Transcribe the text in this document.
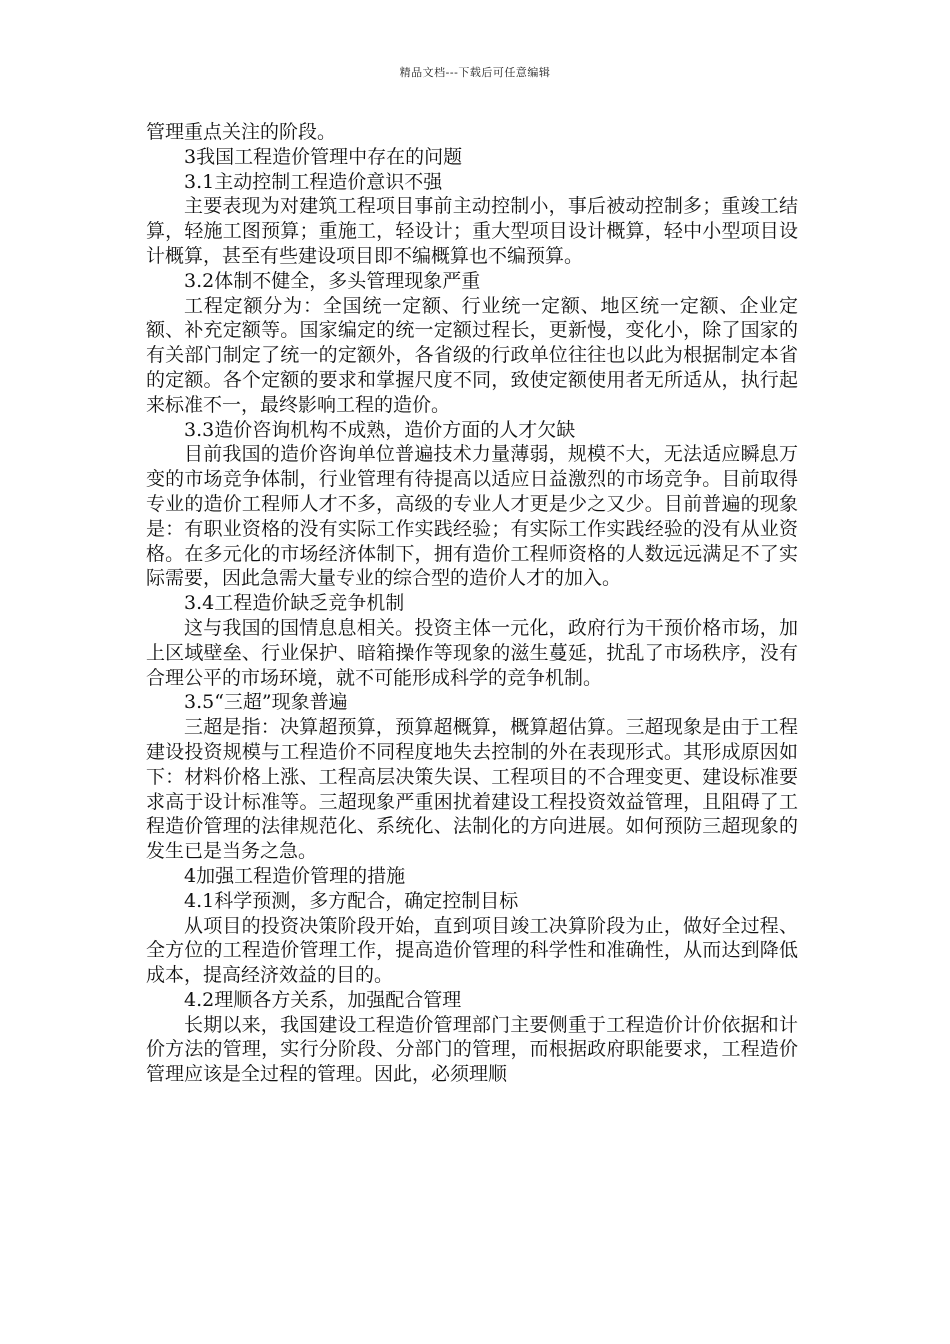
精品文档---下载后可任意编辑

管理重点关注的阶段。

3我国工程造价管理中存在的问题

3.1主动控制工程造价意识不强

主要表现为对建筑工程项目事前主动控制小，事后被动控制多；重竣工结算，轻施工图预算；重施工，轻设计；重大型项目设计概算，轻中小型项目设计概算，甚至有些建设项目即不编概算也不编预算。

3.2体制不健全，多头管理现象严重

工程定额分为：全国统一定额、行业统一定额、地区统一定额、企业定额、补充定额等。国家编定的统一定额过程长，更新慢，变化小，除了国家的有关部门制定了统一的定额外，各省级的行政单位往往也以此为根据制定本省的定额。各个定额的要求和掌握尺度不同，致使定额使用者无所适从，执行起来标准不一，最终影响工程的造价。

3.3造价咨询机构不成熟，造价方面的人才欠缺

目前我国的造价咨询单位普遍技术力量薄弱，规模不大，无法适应瞬息万变的市场竞争体制，行业管理有待提高以适应日益激烈的市场竞争。目前取得专业的造价工程师人才不多，高级的专业人才更是少之又少。目前普遍的现象是：有职业资格的没有实际工作实践经验；有实际工作实践经验的没有从业资格。在多元化的市场经济体制下，拥有造价工程师资格的人数远远满足不了实际需要，因此急需大量专业的综合型的造价人才的加入。

3.4工程造价缺乏竞争机制

这与我国的国情息息相关。投资主体一元化，政府行为干预价格市场，加上区域壁垒、行业保护、暗箱操作等现象的滋生蔓延，扰乱了市场秩序，没有合理公平的市场环境，就不可能形成科学的竞争机制。

3.5“三超”现象普遍

三超是指：决算超预算，预算超概算，概算超估算。三超现象是由于工程建设投资规模与工程造价不同程度地失去控制的外在表现形式。其形成原因如下：材料价格上涨、工程高层决策失误、工程项目的不合理变更、建设标准要求高于设计标准等。三超现象严重困扰着建设工程投资效益管理，且阻碍了工程造价管理的法律规范化、系统化、法制化的方向进展。如何预防三超现象的发生已是当务之急。

4加强工程造价管理的措施

4.1科学预测，多方配合，确定控制目标

从项目的投资决策阶段开始，直到项目竣工决算阶段为止，做好全过程、全方位的工程造价管理工作，提高造价管理的科学性和准确性，从而达到降低成本，提高经济效益的目的。

4.2理顺各方关系，加强配合管理

长期以来，我国建设工程造价管理部门主要侧重于工程造价计价依据和计价方法的管理，实行分阶段、分部门的管理，而根据政府职能要求，工程造价管理应该是全过程的管理。因此，必须理顺
